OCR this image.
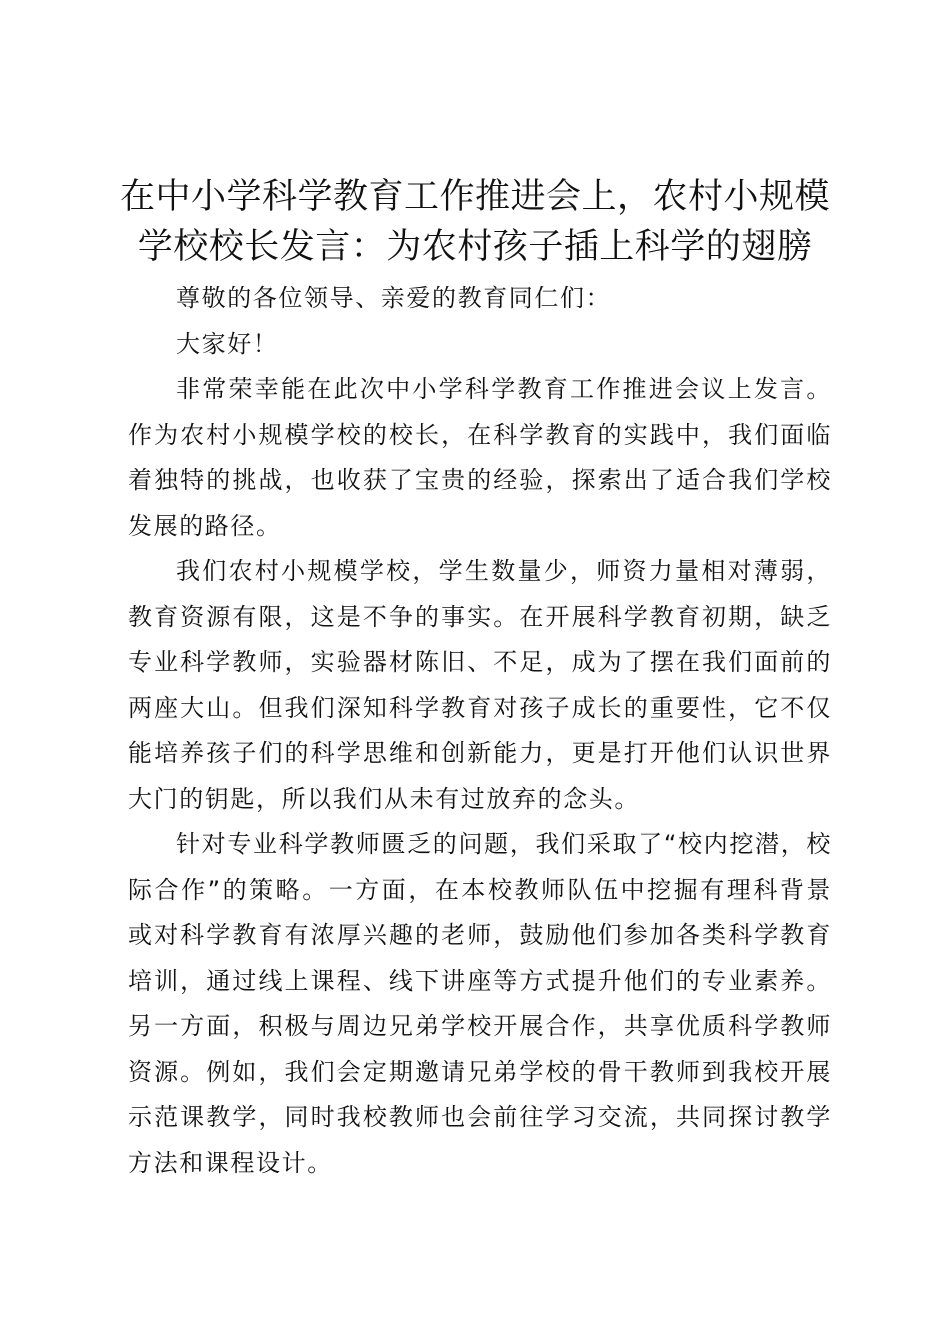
在中小学科学教育工作推进会上，农村小规模学校校长发言：为农村孩子插上科学的翅膀

尊敬的各位领导、亲爱的教育同仁们：

大家好！

非常荣幸能在此次中小学科学教育工作推进会议上发言。作为农村小规模学校的校长，在科学教育的实践中，我们面临着独特的挑战，也收获了宝贵的经验，探索出了适合我们学校发展的路径。

我们农村小规模学校，学生数量少，师资力量相对薄弱，教育资源有限，这是不争的事实。在开展科学教育初期，缺乏专业科学教师，实验器材陈旧、不足，成为了摆在我们面前的两座大山。但我们深知科学教育对孩子成长的重要性，它不仅能培养孩子们的科学思维和创新能力，更是打开他们认识世界大门的钥匙，所以我们从未有过放弃的念头。

针对专业科学教师匮乏的问题，我们采取了“校内挖潜，校际合作”的策略。一方面，在本校教师队伍中挖掘有理科背景或对科学教育有浓厚兴趣的老师，鼓励他们参加各类科学教育培训，通过线上课程、线下讲座等方式提升他们的专业素养。另一方面，积极与周边兄弟学校开展合作，共享优质科学教师资源。例如，我们会定期邀请兄弟学校的骨干教师到我校开展示范课教学，同时我校教师也会前往学习交流，共同探讨教学方法和课程设计。
